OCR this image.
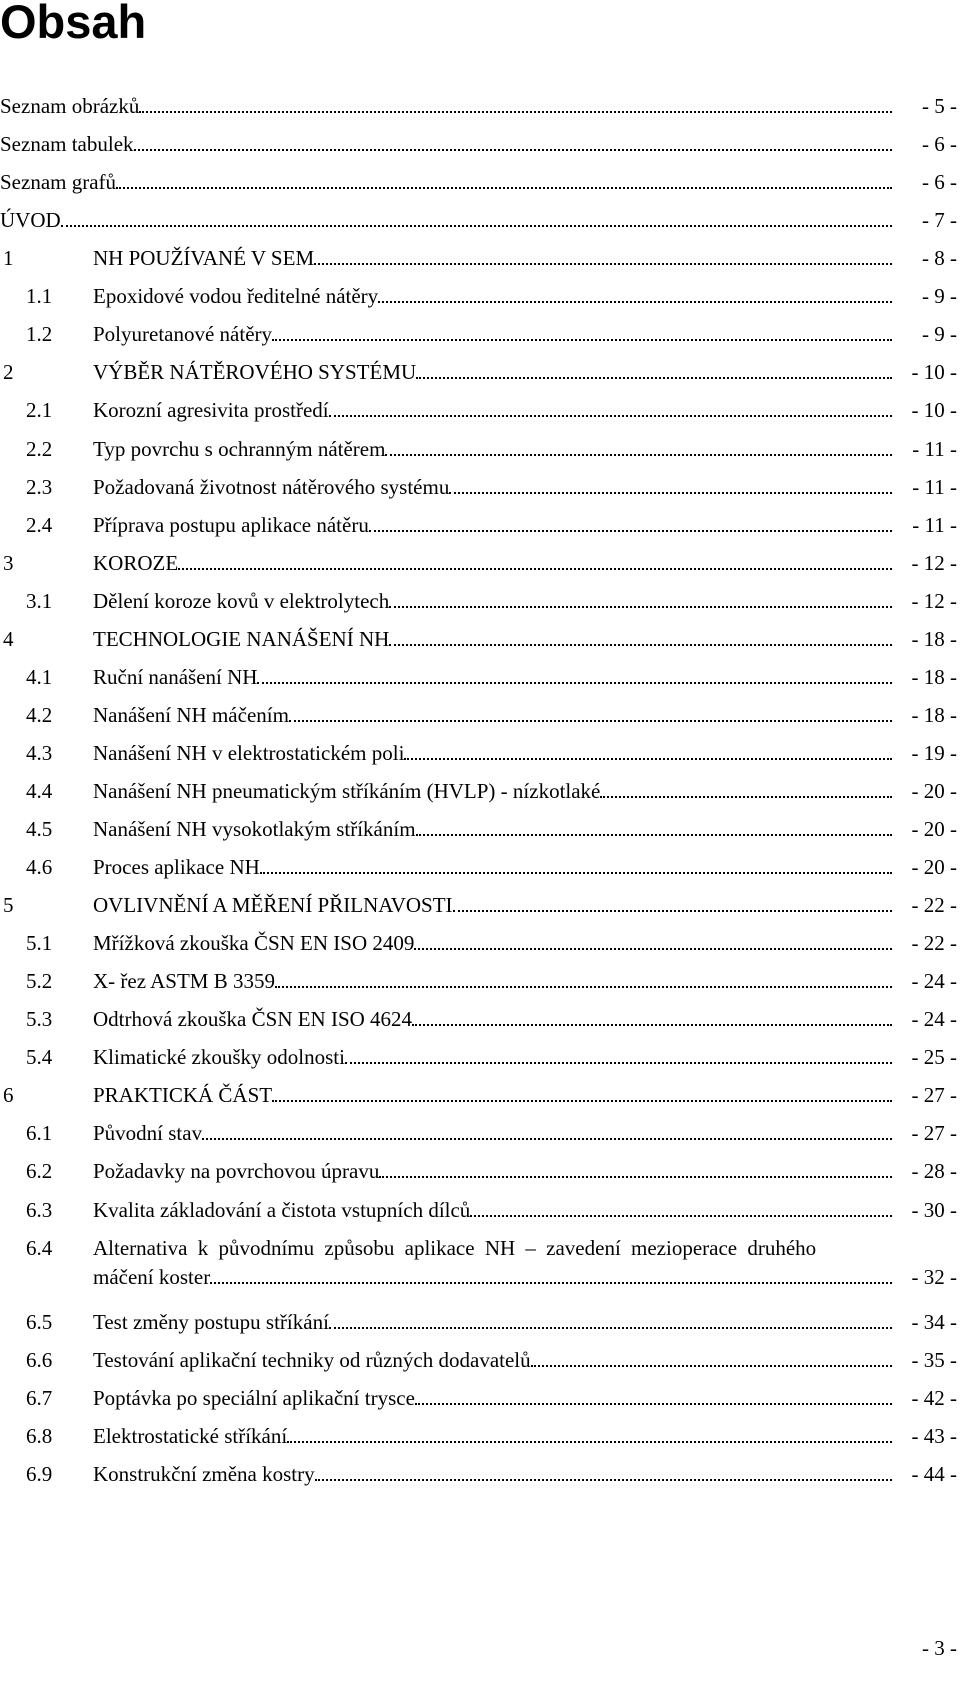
Obsah
Seznam obrázků	- 5 -
Seznam tabulek	- 6 -
Seznam grafů	- 6 -
ÚVOD	- 7 -
1	NH POUŽÍVANÉ V SEM	- 8 -
1.1 Epoxidové vodou ředitelné nátěry	- 9 -
1.2 Polyuretanové nátěry	- 9 -
2	VÝBĚR NÁTĚROVÉHO SYSTÉMU	- 10 -
2.1 Korozní agresivita prostředí	- 10 -
2.2 Typ povrchu s ochranným nátěrem	- 11 -
2.3 Požadovaná životnost nátěrového systému	- 11 -
2.4 Příprava postupu aplikace nátěru	- 11 -
3	KOROZE	- 12 -
3.1 Dělení koroze kovů v elektrolytech	- 12 -
4	TECHNOLOGIE NANÁŠENÍ NH	- 18 -
4.1 Ruční nanášení NH	- 18 -
4.2 Nanášení NH máčením	- 18 -
4.3 Nanášení NH v elektrostatickém poli	- 19 -
4.4 Nanášení NH pneumatickým stříkáním (HVLP) - nízkotlaké	- 20 -
4.5 Nanášení NH vysokotlakým stříkáním	- 20 -
4.6 Proces aplikace NH	- 20 -
5	OVLIVNĚNÍ A MĚŘENÍ PŘILNAVOSTI	- 22 -
5.1 Mřížková zkouška ČSN EN ISO 2409	- 22 -
5.2 X- řez ASTM B 3359	- 24 -
5.3 Odtrhová zkouška ČSN EN ISO 4624	- 24 -
5.4 Klimatické zkoušky odolnosti	- 25 -
6	PRAKTICKÁ ČÁST	- 27 -
6.1 Původní stav	- 27 -
6.2 Požadavky na povrchovou úpravu	- 28 -
6.3 Kvalita základování a čistota vstupních dílců	- 30 -
6.4 Alternativa k původnímu způsobu aplikace NH – zavedení mezioperace druhého
máčení koster	- 32 -
6.5 Test změny postupu stříkání	- 34 -
6.6 Testování aplikační techniky od různých dodavatelů	- 35 -
6.7 Poptávka po speciální aplikační trysce	- 42 -
6.8 Elektrostatické stříkání	- 43 -
6.9 Konstrukční změna kostry	- 44 -
- 3 -
